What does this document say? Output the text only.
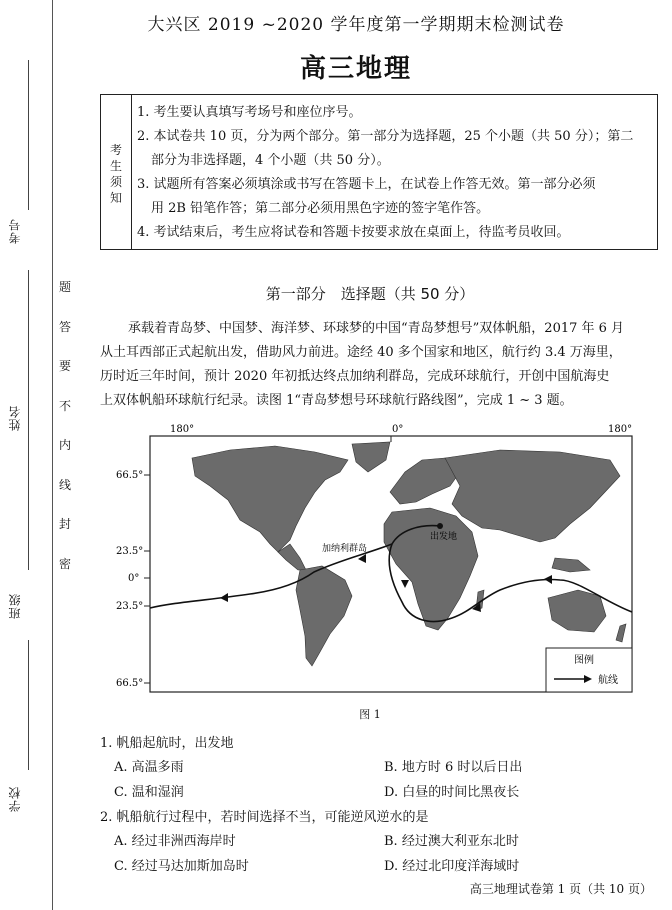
考号
姓名
班级
学校
题
答
要
不
内
线
封
密
大兴区 2019 ~2020 学年度第一学期期末检测试卷
高三地理
考
生
须
知
1. 考生要认真填写考场号和座位序号。
2. 本试卷共 10 页，分为两个部分。第一部分为选择题，25 个小题（共 50 分）；第二
部分为非选择题，4 个小题（共 50 分）。
3. 试题所有答案必须填涂或书写在答题卡上，在试卷上作答无效。第一部分必须
用 2B 铅笔作答；第二部分必须用黑色字迹的签字笔作答。
4. 考试结束后，考生应将试卷和答题卡按要求放在桌面上，待监考员收回。
第一部分　选择题（共 50 分）
承载着青岛梦、中国梦、海洋梦、环球梦的中国“青岛梦想号”双体帆船，2017 年 6 月
从土耳西部正式起航出发，借助风力前进。途经 40 多个国家和地区，航行约 3.4 万海里，
历时近三年时间，预计 2020 年初抵达终点加纳利群岛，完成环球航行，开创中国航海史
上双体帆船环球航行纪录。读图 1“青岛梦想号环球航行路线图”，完成 1 ~ 3 题。
180°	0°	180°
66.5°
23.5°
0°
23.5°
66.5°
出发地
加纳利群岛
图例
航线
图 1
1. 帆船起航时，出发地
A. 高温多雨	B. 地方时 6 时以后日出
C. 温和湿润	D. 白昼的时间比黑夜长
2. 帆船航行过程中，若时间选择不当，可能逆风逆水的是
A. 经过非洲西海岸时	B. 经过澳大利亚东北时
C. 经过马达加斯加岛时	D. 经过北印度洋海域时
高三地理试卷第 1 页（共 10 页）
